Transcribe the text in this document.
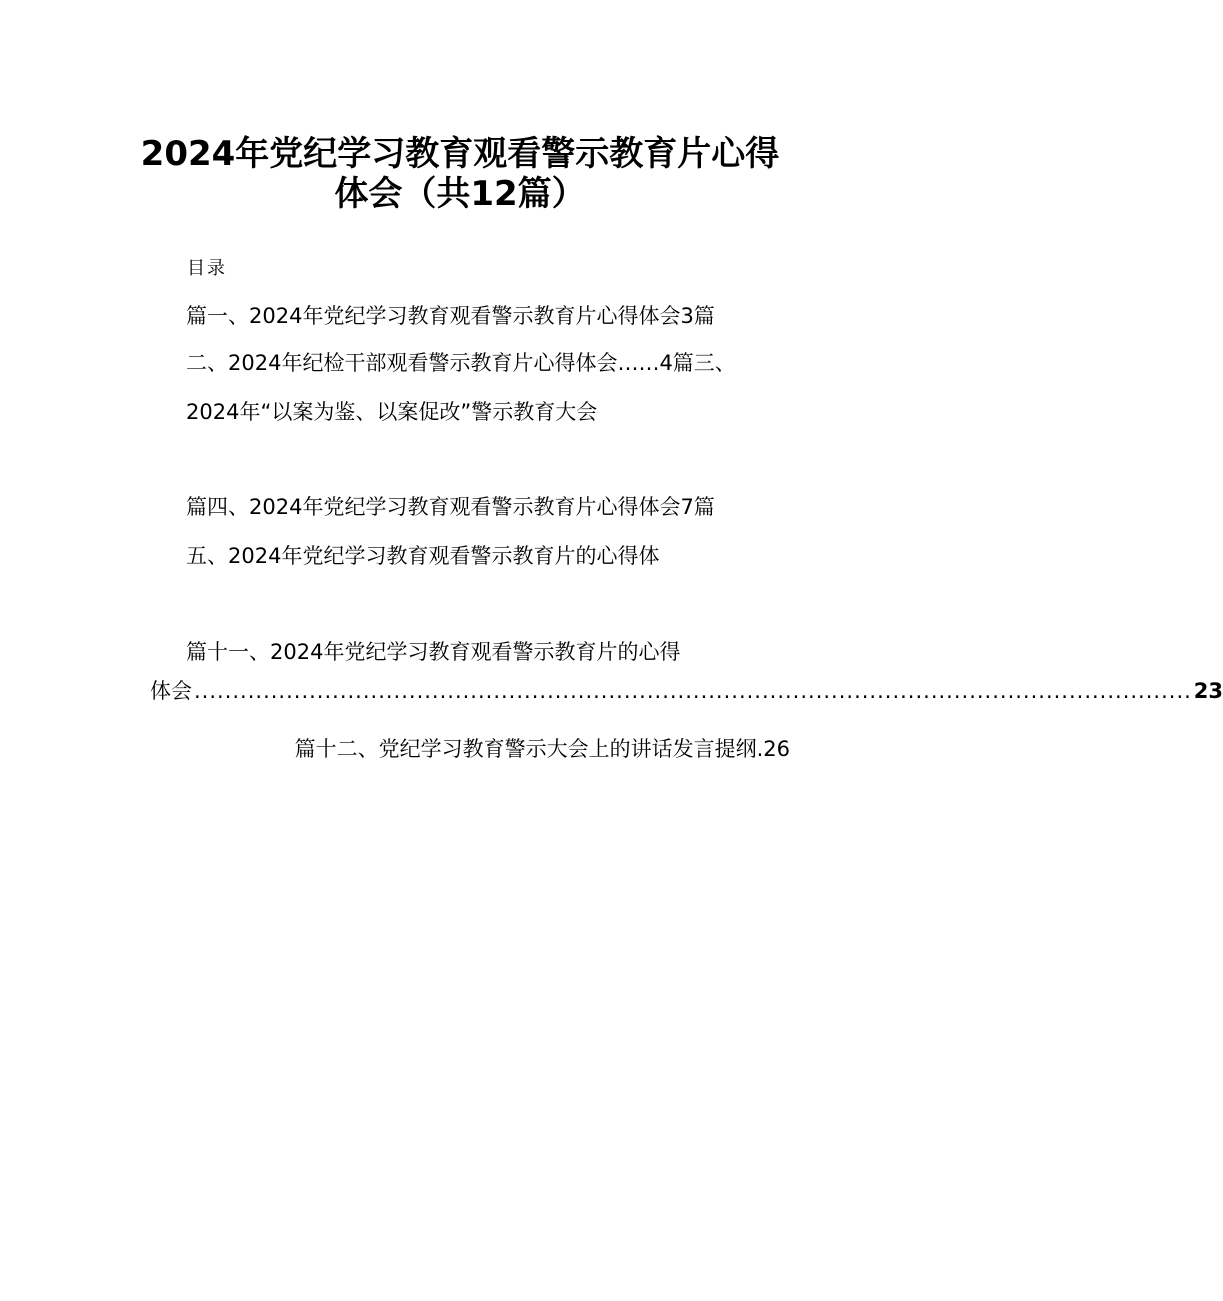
2024年党纪学习教育观看警示教育片心得
体会（共12篇）
目录
篇一、2024年党纪学习教育观看警示教育片心得体会3篇
二、2024年纪检干部观看警示教育片心得体会……4篇三、
2024年“以案为鉴、以案促改”警示教育大会
篇四、2024年党纪学习教育观看警示教育片心得体会7篇
五、2024年党纪学习教育观看警示教育片的心得体
篇十一、2024年党纪学习教育观看警示教育片的心得
体会 .................................................................................................................................. 23
篇十二、党纪学习教育警示大会上的讲话发言提纲.26
